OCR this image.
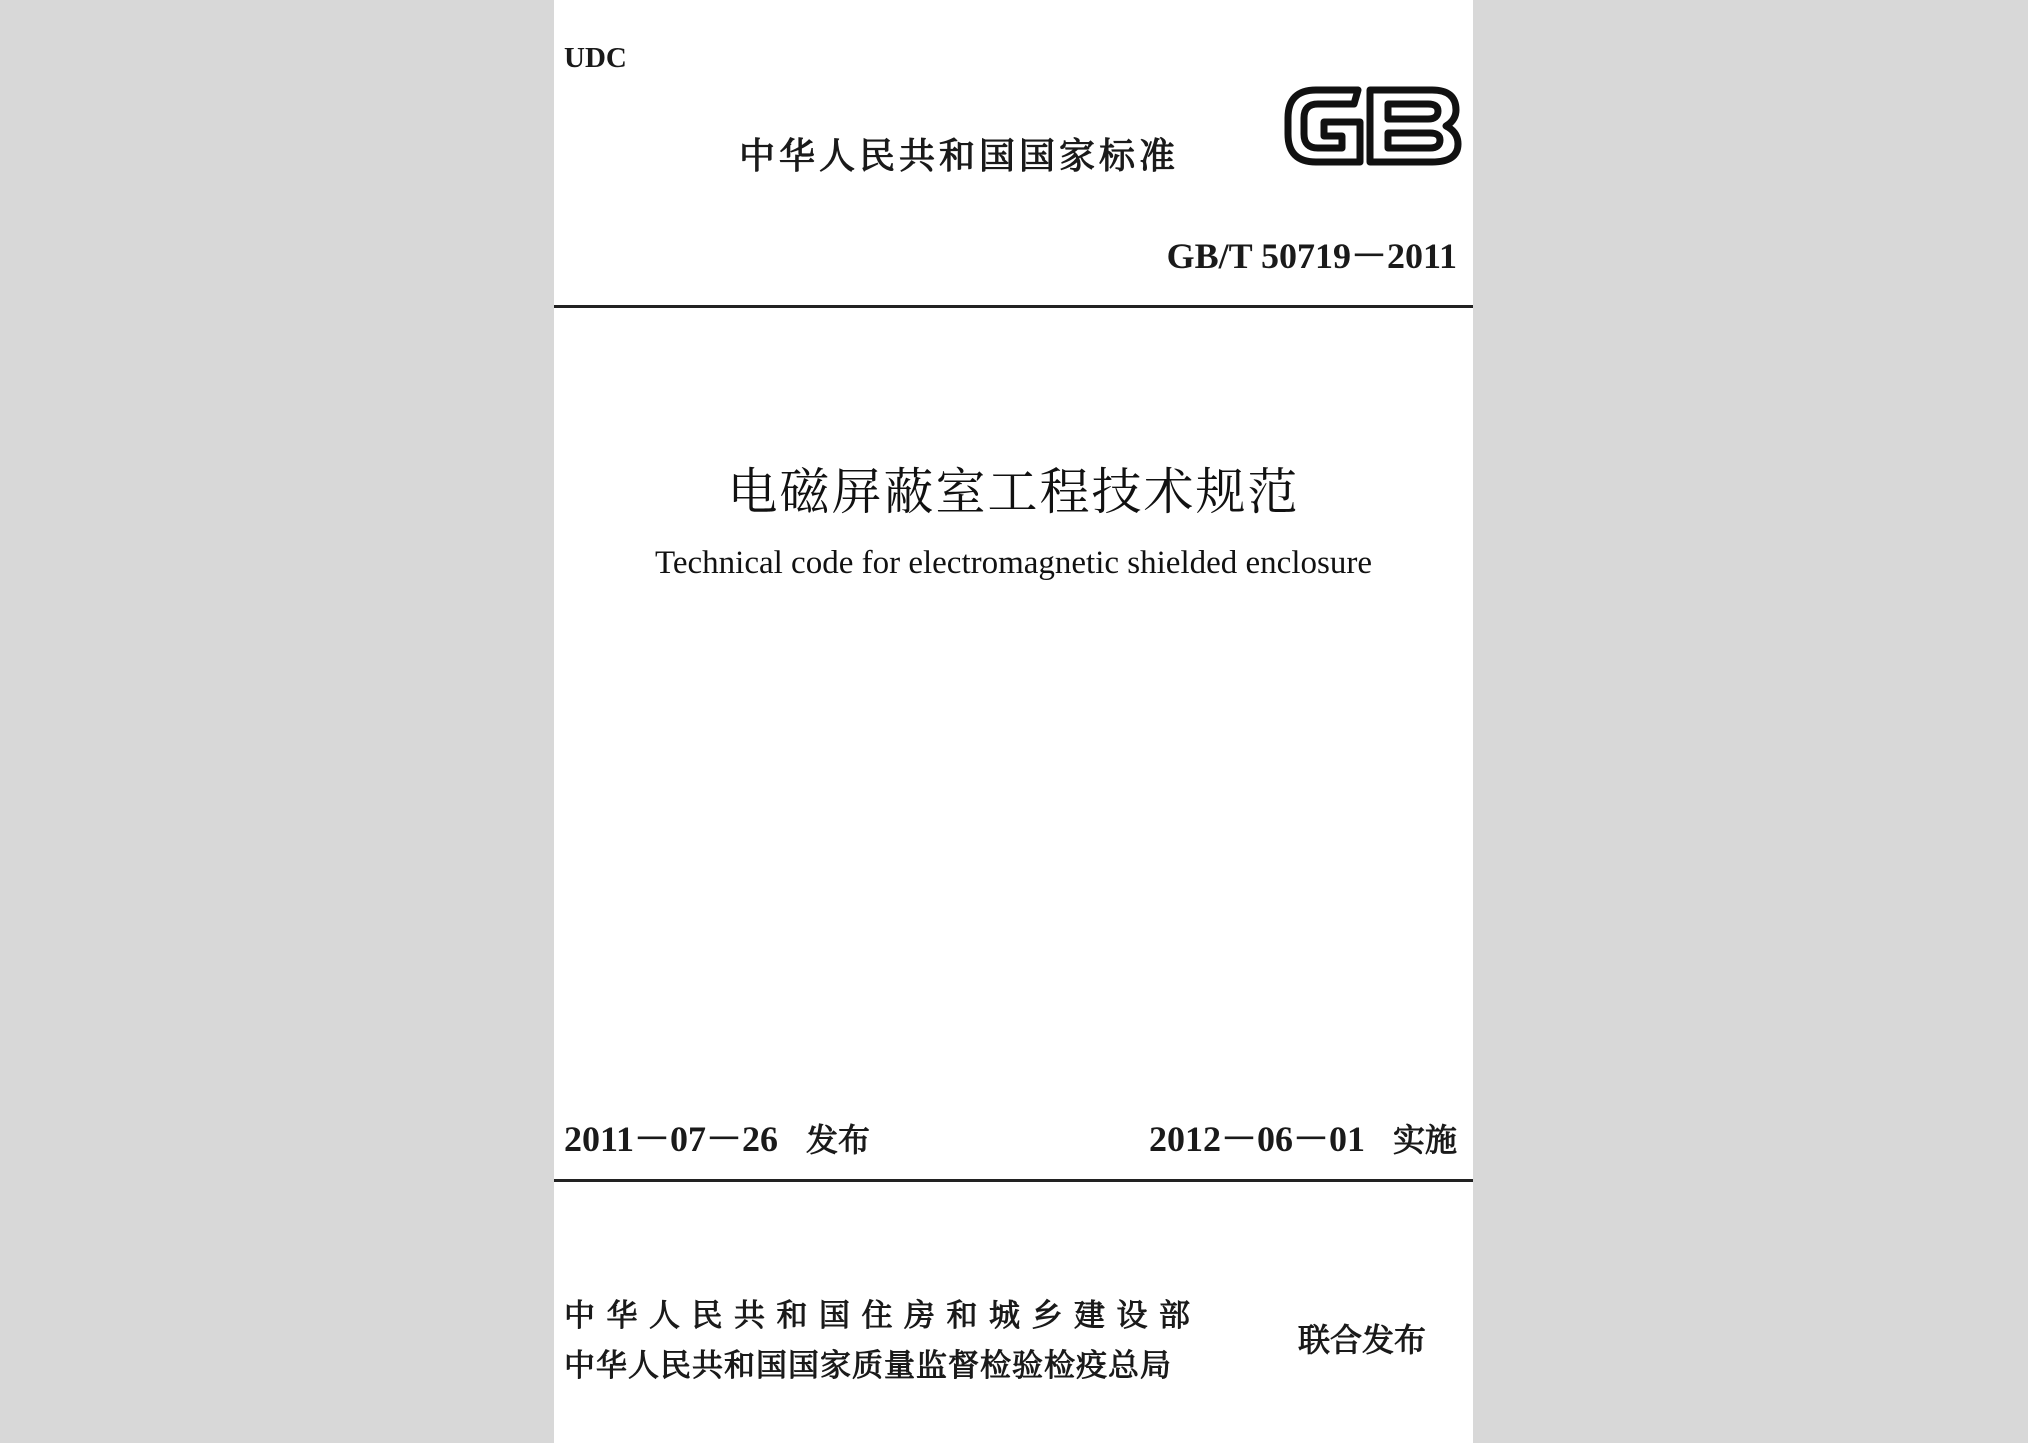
UDC
中华人民共和国国家标准
GB/T 50719－2011
电磁屏蔽室工程技术规范
Technical code for electromagnetic shielded enclosure
2011－07－26 发布	2012－06－01 实施
中华人民共和国住房和城乡建设部
中华人民共和国国家质量监督检验检疫总局
联合发布
